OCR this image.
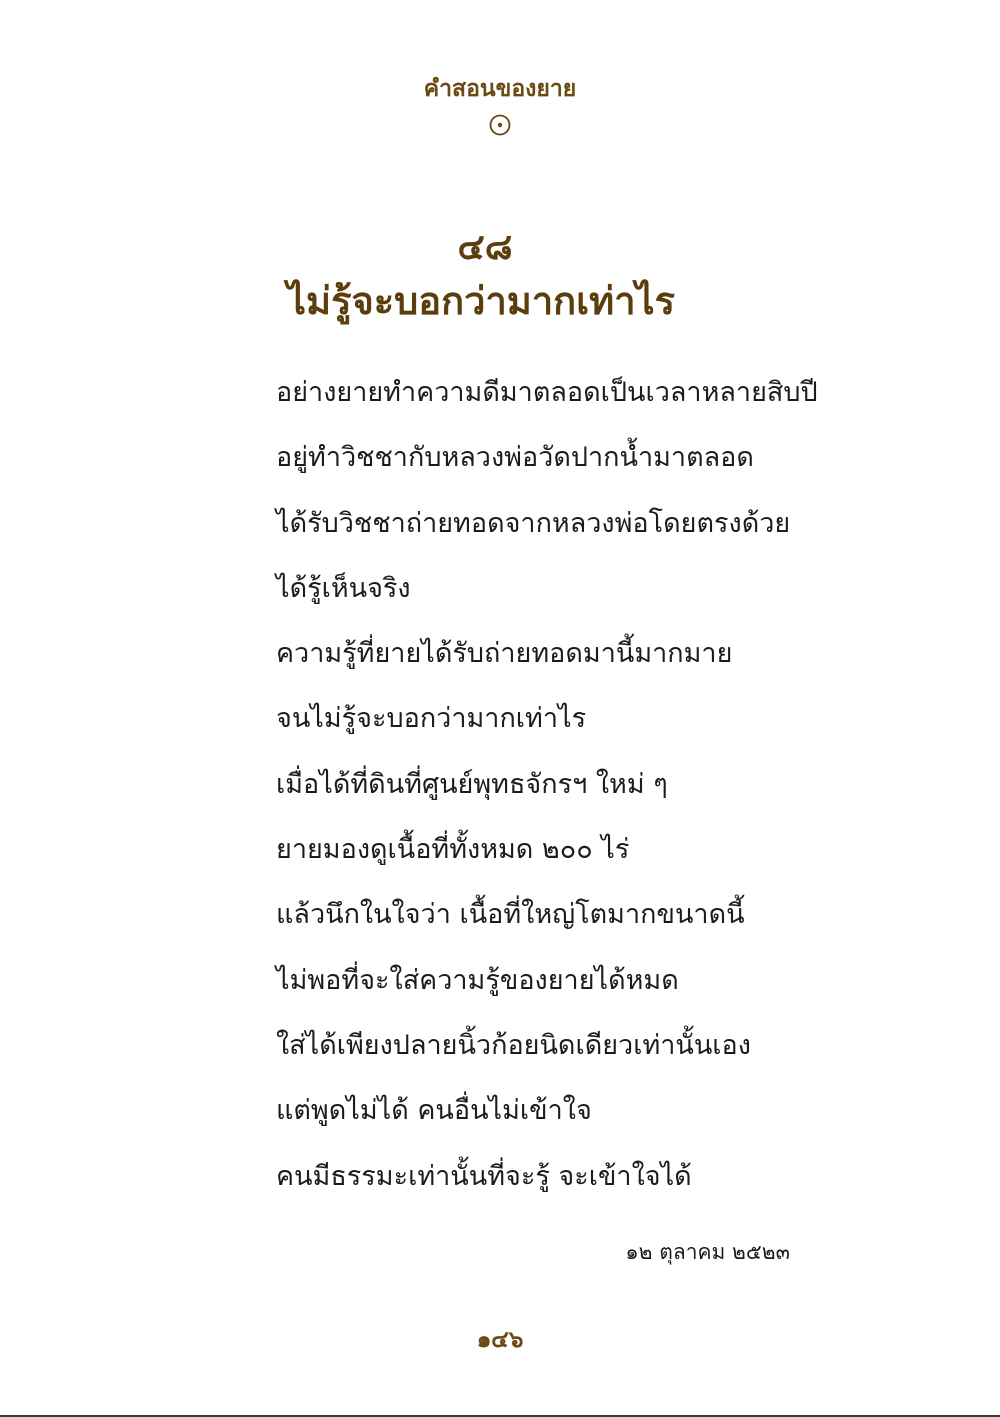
คำสอนของยาย
๔๘
ไม่รู้จะบอกว่ามากเท่าไร
อย่างยายทำความดีมาตลอดเป็นเวลาหลายสิบปี
อยู่ทำวิชชากับหลวงพ่อวัดปากน้ำมาตลอด
ได้รับวิชชาถ่ายทอดจากหลวงพ่อโดยตรงด้วย
ได้รู้เห็นจริง
ความรู้ที่ยายได้รับถ่ายทอดมานี้มากมาย
จนไม่รู้จะบอกว่ามากเท่าไร
เมื่อได้ที่ดินที่ศูนย์พุทธจักรฯ ใหม่ ๆ
ยายมองดูเนื้อที่ทั้งหมด ๒๐๐ ไร่
แล้วนึกในใจว่า เนื้อที่ใหญ่โตมากขนาดนี้
ไม่พอที่จะใส่ความรู้ของยายได้หมด
ใส่ได้เพียงปลายนิ้วก้อยนิดเดียวเท่านั้นเอง
แต่พูดไม่ได้ คนอื่นไม่เข้าใจ
คนมีธรรมะเท่านั้นที่จะรู้ จะเข้าใจได้
๑๒ ตุลาคม ๒๕๒๓
๑๔๖
